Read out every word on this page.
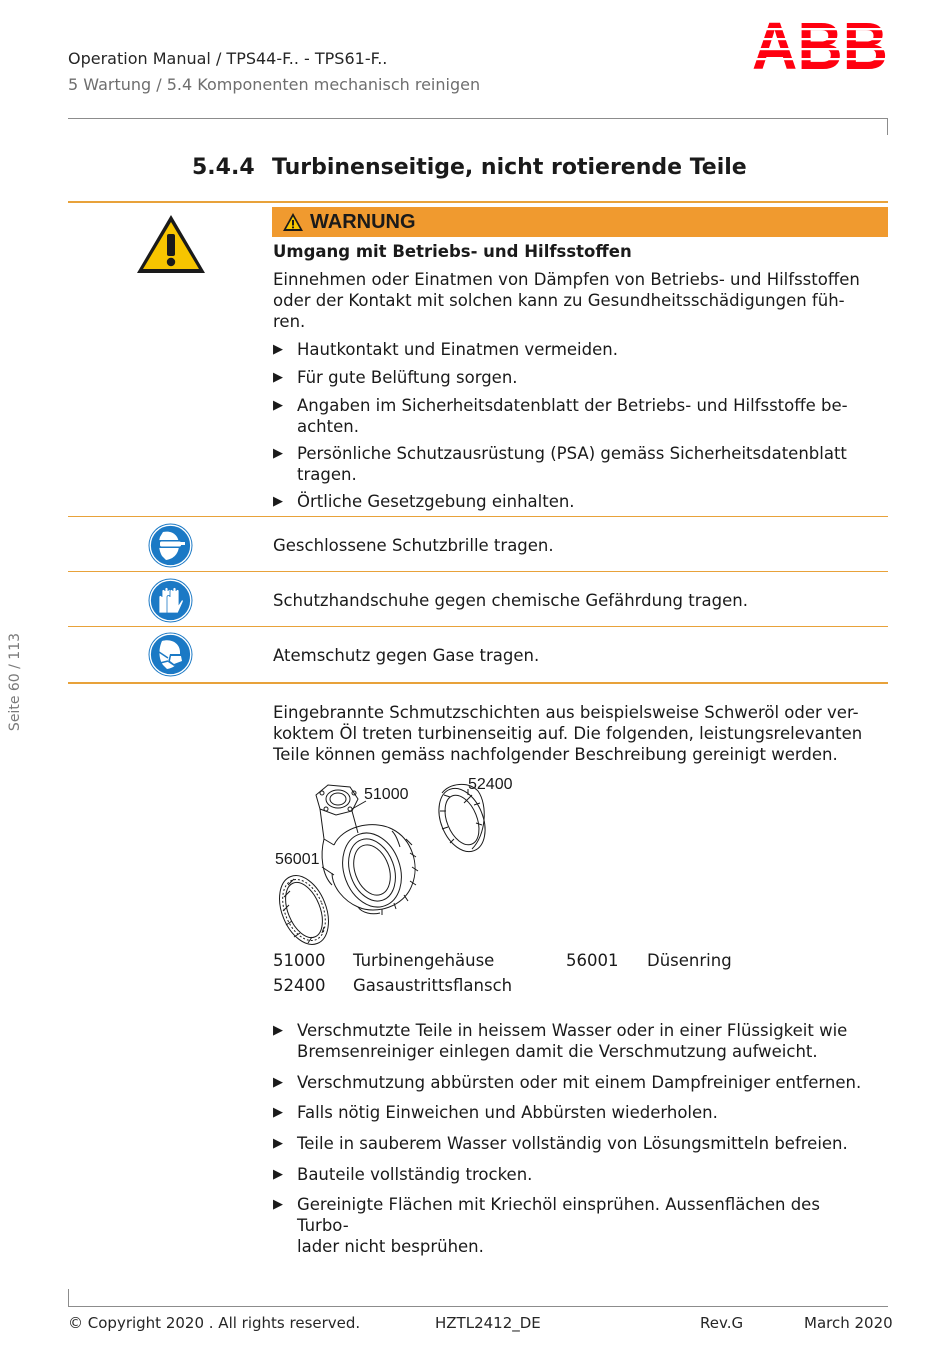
Operation Manual / TPS44-F.. - TPS61-F..
5 Wartung / 5.4 Komponenten mechanisch reinigen
Seite 60 / 113
5.4.4 Turbinenseitige, nicht rotierende Teile
WARNUNG
Umgang mit Betriebs- und Hilfsstoffen
Einnehmen oder Einatmen von Dämpfen von Betriebs- und Hilfsstoffen
oder der Kontakt mit solchen kann zu Gesundheitsschädigungen füh-
ren.
▶ Hautkontakt und Einatmen vermeiden.
▶ Für gute Belüftung sorgen.
▶ Angaben im Sicherheitsdatenblatt der Betriebs- und Hilfsstoffe be-
achten.
▶ Persönliche Schutzausrüstung (PSA) gemäss Sicherheitsdatenblatt
tragen.
▶ Örtliche Gesetzgebung einhalten.
Geschlossene Schutzbrille tragen.
Schutzhandschuhe gegen chemische Gefährdung tragen.
Atemschutz gegen Gase tragen.
Eingebrannte Schmutzschichten aus beispielsweise Schweröl oder ver-
koktem Öl treten turbinenseitig auf. Die folgenden, leistungsrelevanten
Teile können gemäss nachfolgender Beschreibung gereinigt werden.
51000
52400
56001
51000 Turbinengehäuse
52400 Gasaustrittsflansch
56001 Düsenring
▶ Verschmutzte Teile in heissem Wasser oder in einer Flüssigkeit wie
Bremsenreiniger einlegen damit die Verschmutzung aufweicht.
▶ Verschmutzung abbürsten oder mit einem Dampfreiniger entfernen.
▶ Falls nötig Einweichen und Abbürsten wiederholen.
▶ Teile in sauberem Wasser vollständig von Lösungsmitteln befreien.
▶ Bauteile vollständig trocken.
▶ Gereinigte Flächen mit Kriechöl einsprühen. Aussenflächen des Turbo-
lader nicht besprühen.
© Copyright 2020 . All rights reserved.	HZTL2412_DE	Rev.G	March 2020
